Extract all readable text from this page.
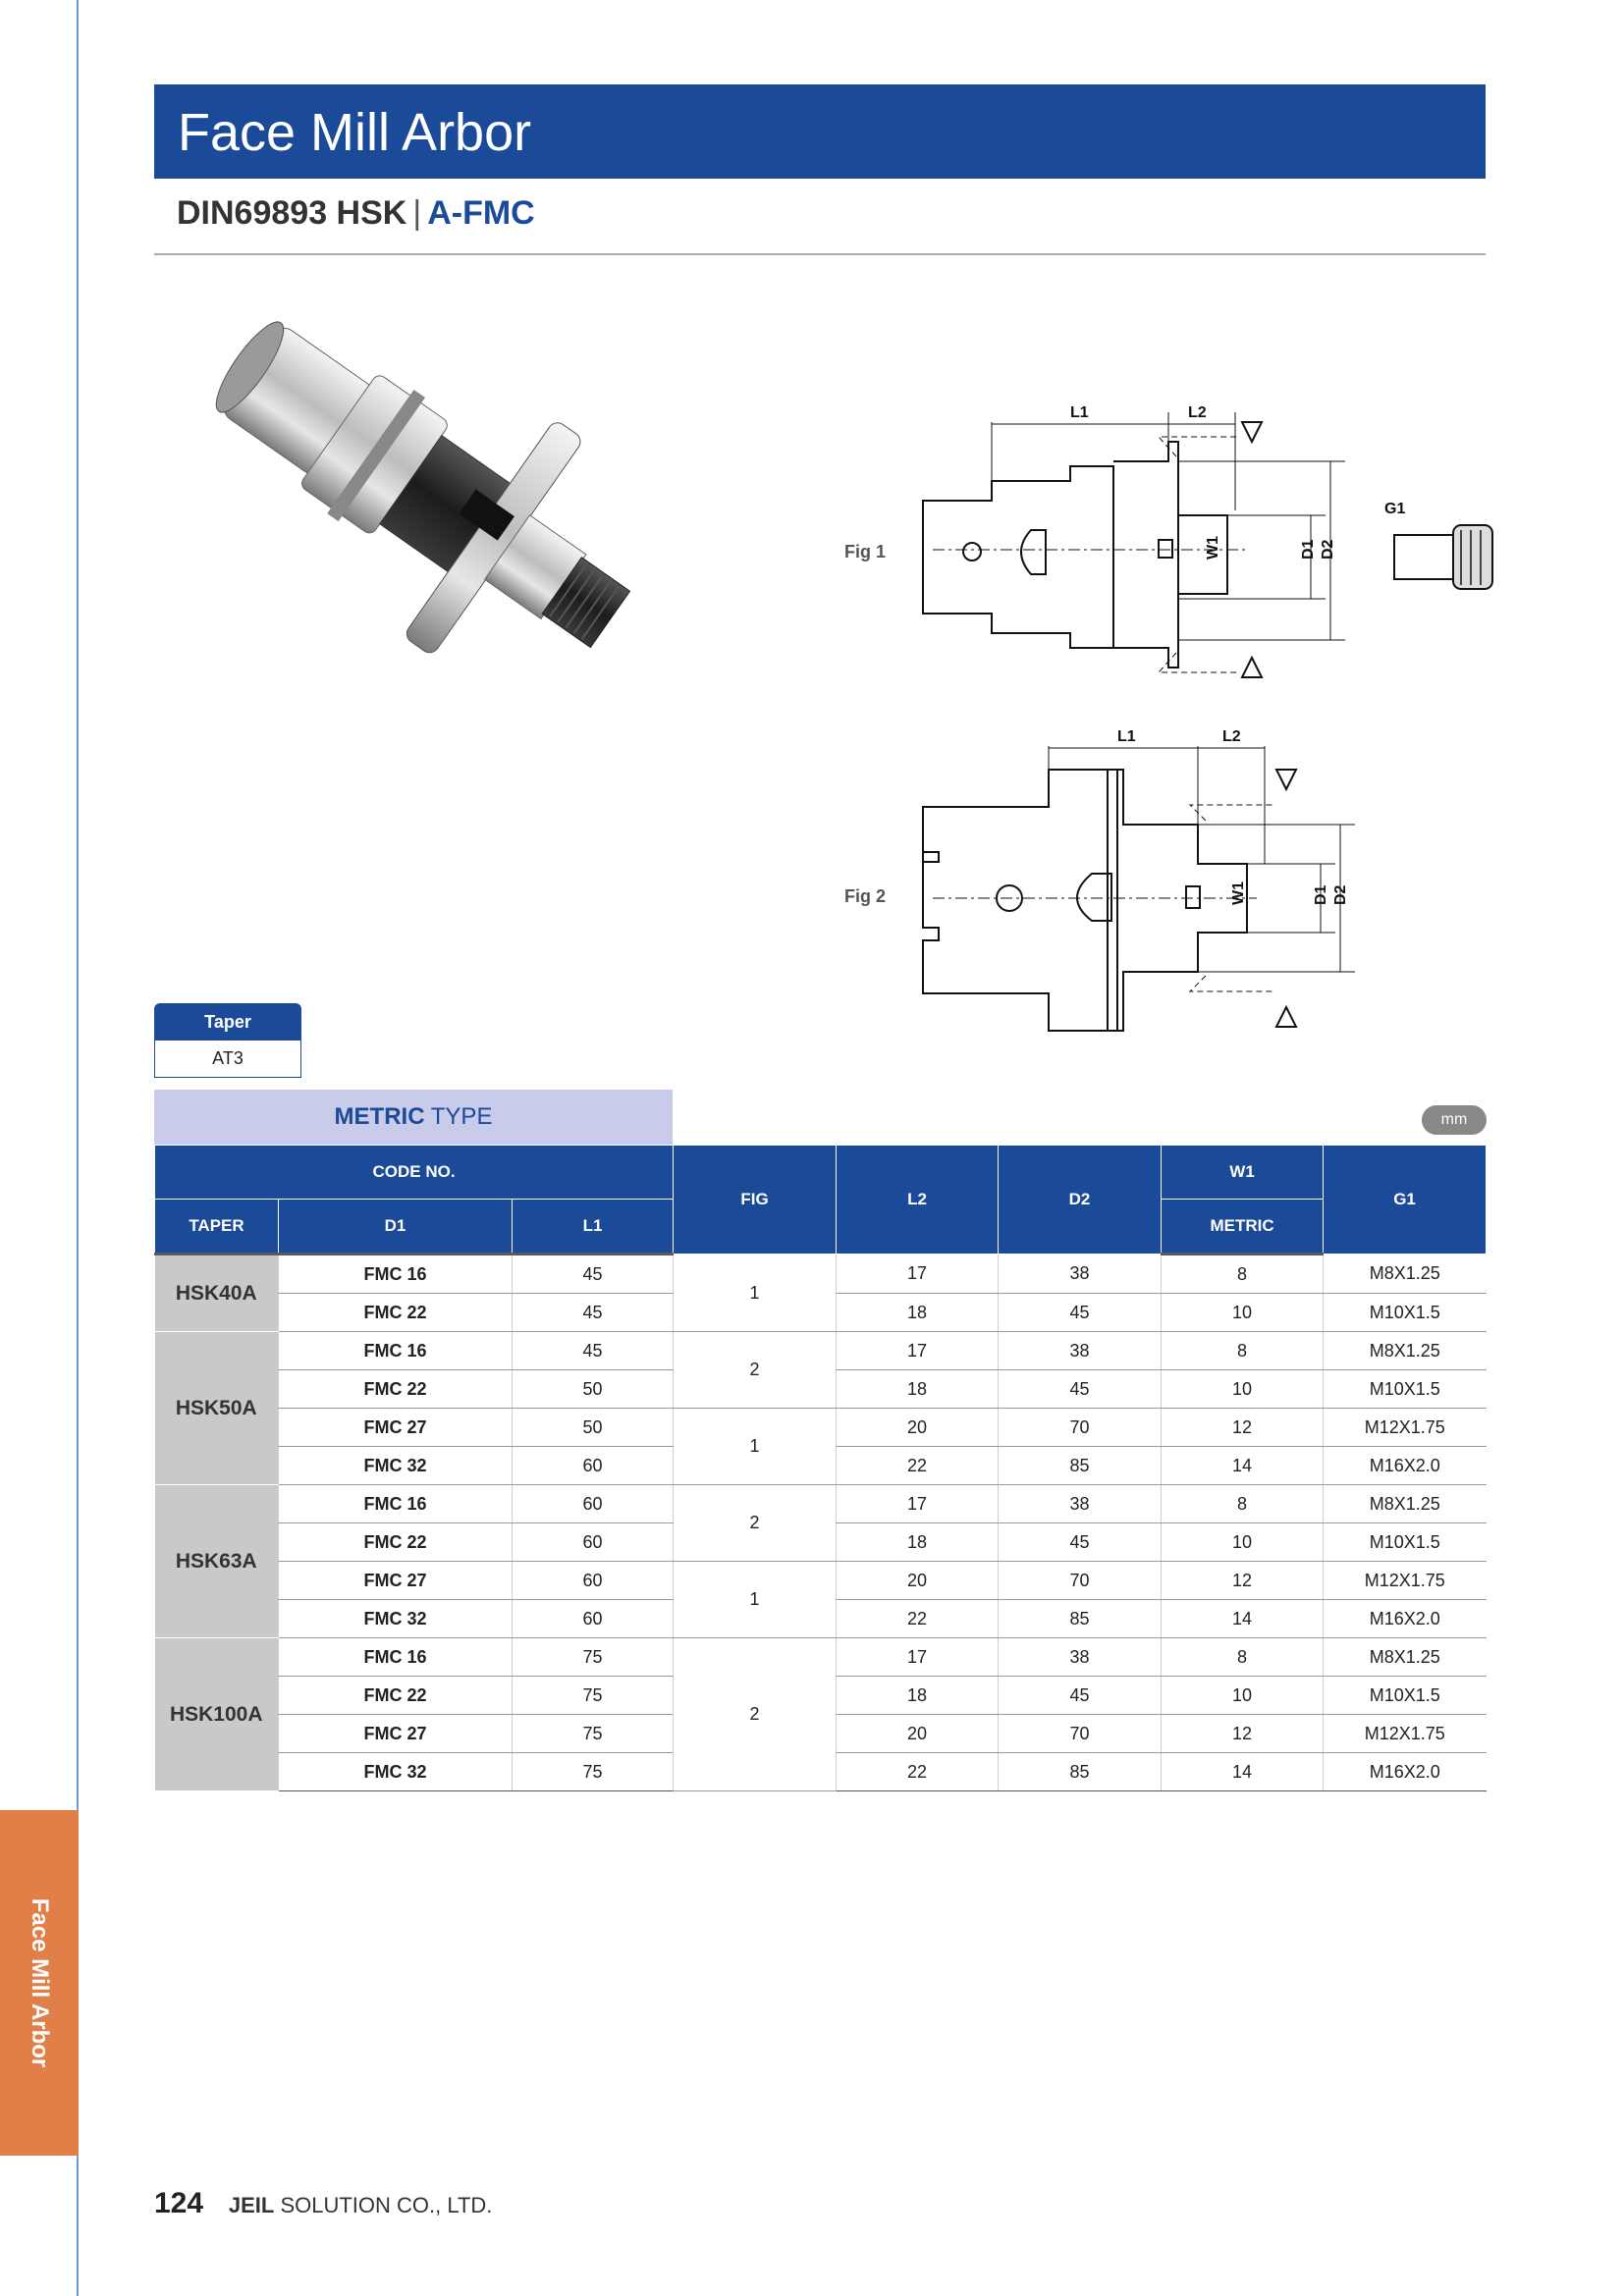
Face Mill Arbor
Face Mill Arbor
DIN69893 HSK | A-FMC
Fig 1
L1	L2
W1	D1 D2
G1
Fig 2
L1	L2
W1	D1 D2
Taper
AT3
METRIC TYPE	mm
CODE NO.			FIG	L2	D2	W1	G1
TAPER	D1	L1				METRIC	
HSK40A	FMC 16	45	1	17	38	8	M8X1.25
	FMC 22	45		18	45	10	M10X1.5
HSK50A	FMC 16	45	2	17	38	8	M8X1.25
	FMC 22	50		18	45	10	M10X1.5
	FMC 27	50	1	20	70	12	M12X1.75
	FMC 32	60		22	85	14	M16X2.0
HSK63A	FMC 16	60	2	17	38	8	M8X1.25
	FMC 22	60		18	45	10	M10X1.5
	FMC 27	60	1	20	70	12	M12X1.75
	FMC 32	60		22	85	14	M16X2.0
HSK100A	FMC 16	75	2	17	38	8	M8X1.25
	FMC 22	75		18	45	10	M10X1.5
	FMC 27	75		20	70	12	M12X1.75
	FMC 32	75		22	85	14	M16X2.0
124 JEIL SOLUTION CO., LTD.
